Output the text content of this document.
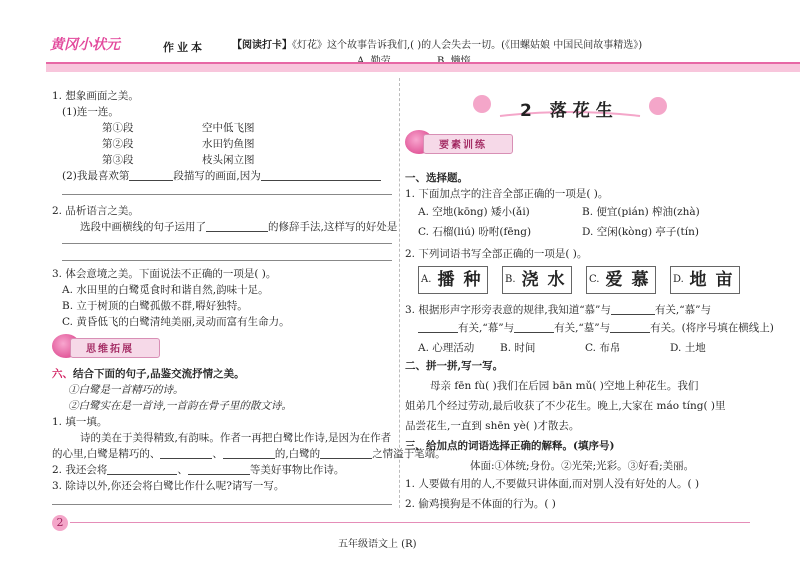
黄冈小状元	作业本	【阅读打卡】《灯花》这个故事告诉我们,( )的人会失去一切。(《田螺姑娘 中国民间故事精选》)
1. 想象画面之美。
(1)连一连。
第①段	空中低飞图
第②段	水田钓鱼图
第③段	枝头闲立图
(2)我最喜欢第	段描写的画面,因为
2. 品析语言之美。
选段中画横线的句子运用了	的修辞手法,这样写的好处是
3. 体会意境之美。下面说法不正确的一项是( )。
A. 水田里的白鹭觅食时和谐自然,韵味十足。
B. 立于树顶的白鹭孤傲不群,嘚好独特。
C. 黄昏低飞的白鹭清纯美丽,灵动而富有生命力。
思维拓展
六、结合下面的句子,品鉴交流抒情之美。
①白鹭是一首精巧的诗。
②白鹭实在是一首诗,一首韵在骨子里的散文诗。
1. 填一填。
诗的美在于美得精致,有韵味。作者一再把白鹭比作诗,是因为在作者
的心里,白鹭是精巧的、	、	的,白鹭的	之情溢于笔端。
2. 我还会将	、	等美好事物比作诗。
3. 除诗以外,你还会将白鹭比作什么呢?请写一写。
2 落花生
要素训练
一、选择题。
1. 下面加点字的注音全部正确的一项是( )。
A. 空地(kōng) 矮小(ǎi)	B. 便宜(pián) 榨油(zhà)
C. 石榴(liú) 吩咐(fēng)	D. 空闲(kòng) 亭子(tín)
2. 下列词语书写全部正确的一项是( )。
A. 播 种	B. 浇 水	C. 爱 慕	D. 地 亩
3. 根据形声字形旁表意的规律,我知道“慕”与	有关,“慕”与
有关,“幕”与	有关,“墓”与	有关。(将序号填在横线上)
A. 心理活动 B. 时间	C. 布帛	D. 土地
二、拼一拼,写一写。
母亲 fēn fù( )我们在后园 bān mǔ( )空地上种花生。我们
姐弟几个经过劳动,最后收获了不少花生。晚上,大家在 máo tíng( )里
品尝花生,一直到 shēn yè( )才散去。
三、给加点的词语选择正确的解释。(填序号)
体面:①体统;身份。②光荣;光彩。③好看;美丽。
1. 人要做有用的人,不要做只讲体面,而对别人没有好处的人。( )
2. 偷鸡摸狗是不体面的行为。( )
2
五年级语文上 (R)
